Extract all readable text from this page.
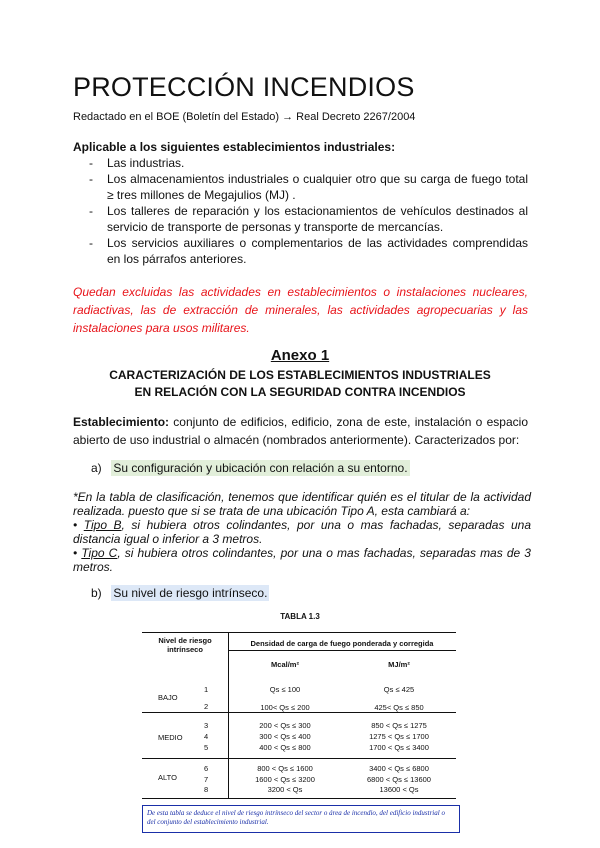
PROTECCIÓN INCENDIOS
Redactado en el BOE (Boletín del Estado) → Real Decreto 2267/2004
Aplicable a los siguientes establecimientos industriales:
- Las industrias.
- Los almacenamientos industriales o cualquier otro que su carga de fuego total ≥ tres millones de Megajulios (MJ) .
- Los talleres de reparación y los estacionamientos de vehículos destinados al servicio de transporte de personas y transporte de mercancías.
- Los servicios auxiliares o complementarios de las actividades comprendidas en los párrafos anteriores.
Quedan excluidas las actividades en establecimientos o instalaciones nucleares, radiactivas, las de extracción de minerales, las actividades agropecuarias y las instalaciones para usos militares.
Anexo 1
CARACTERIZACIÓN DE LOS ESTABLECIMIENTOS INDUSTRIALES EN RELACIÓN CON LA SEGURIDAD CONTRA INCENDIOS
Establecimiento: conjunto de edificios, edificio, zona de este, instalación o espacio abierto de uso industrial o almacén (nombrados anteriormente). Caracterizados por:
a) Su configuración y ubicación con relación a su entorno.
*En la tabla de clasificación, tenemos que identificar quién es el titular de la actividad realizada. puesto que si se trata de una ubicación Tipo A, esta cambiará a:
• Tipo B, si hubiera otros colindantes, por una o mas fachadas, separadas una distancia igual o inferior a 3 metros.
• Tipo C, si hubiera otros colindantes, por una o mas fachadas, separadas mas de 3 metros.
b) Su nivel de riesgo intrínseco.
TABLA 1.3
Nivel de riesgo
intrínseco
Densidad de carga de fuego ponderada y corregida
Mcal/m²	MJ/m²
BAJO
1	Qs ≤ 100	Qs ≤ 425
2	100< Qs ≤ 200	425< Qs ≤ 850
MEDIO
3	200 < Qs ≤ 300	850 < Qs ≤ 1275
4	300 < Qs ≤ 400	1275 < Qs ≤ 1700
5	400 < Qs ≤ 800	1700 < Qs ≤ 3400
ALTO
6	800 < Qs ≤ 1600	3400 < Qs ≤ 6800
7	1600 < Qs ≤ 3200	6800 < Qs ≤ 13600
8	3200 < Qs	13600 < Qs
De esta tabla se deduce el nivel de riesgo intrínseco del sector o área de incendio, del edificio industrial o del conjunto del establecimiento industrial.
